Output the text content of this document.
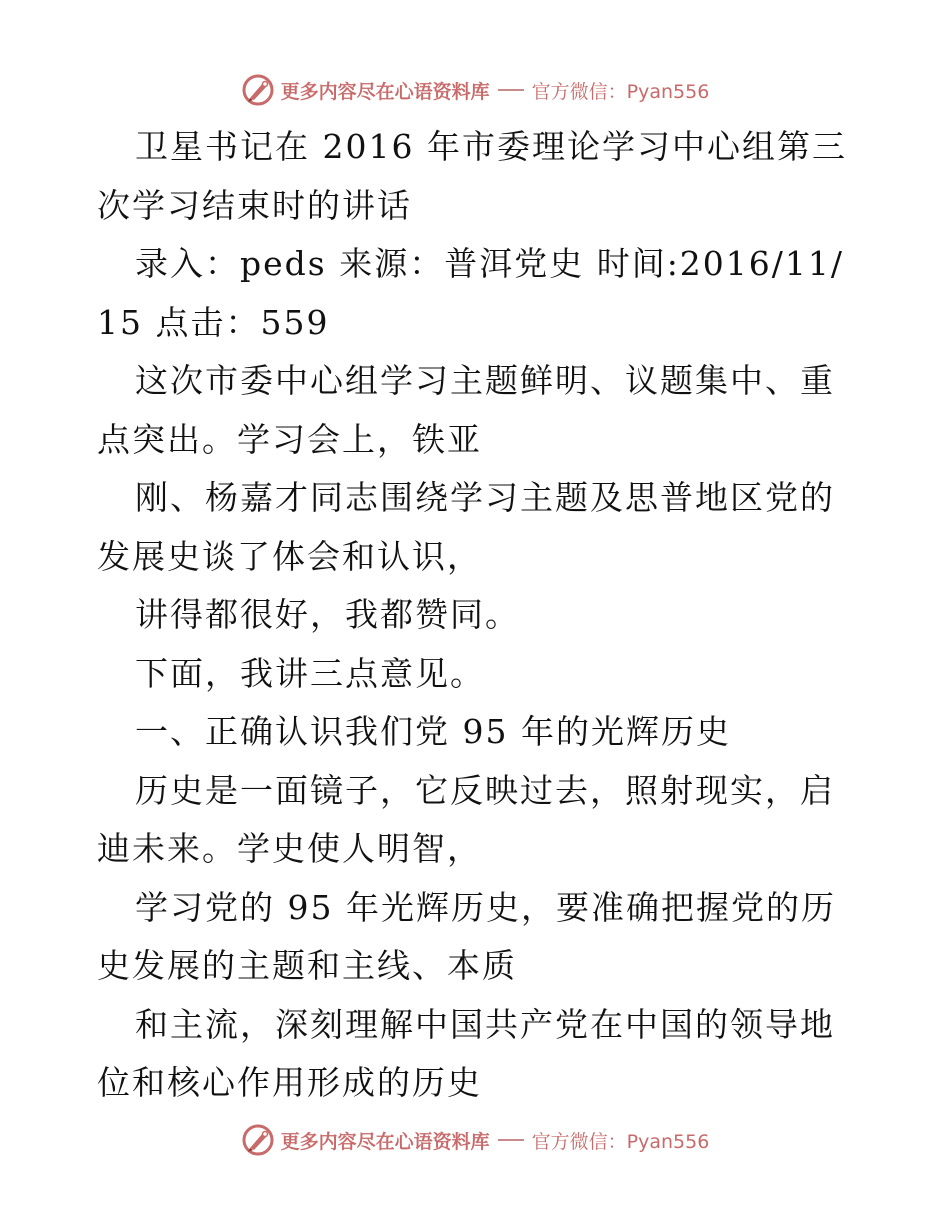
更多内容尽在心语资料库 官方微信：Pyan556

卫星书记在 2016 年市委理论学习中心组第三次学习结束时的讲话

录入：peds 来源：普洱党史 时间:2016/11/15 点击：559

这次市委中心组学习主题鲜明、议题集中、重点突出。学习会上，铁亚

刚、杨嘉才同志围绕学习主题及思普地区党的发展史谈了体会和认识，

讲得都很好，我都赞同。

下面，我讲三点意见。

一、正确认识我们党 95 年的光辉历史

历史是一面镜子，它反映过去，照射现实，启迪未来。学史使人明智，

学习党的 95 年光辉历史，要准确把握党的历史发展的主题和主线、本质

和主流，深刻理解中国共产党在中国的领导地位和核心作用形成的历史

更多内容尽在心语资料库 官方微信：Pyan556
